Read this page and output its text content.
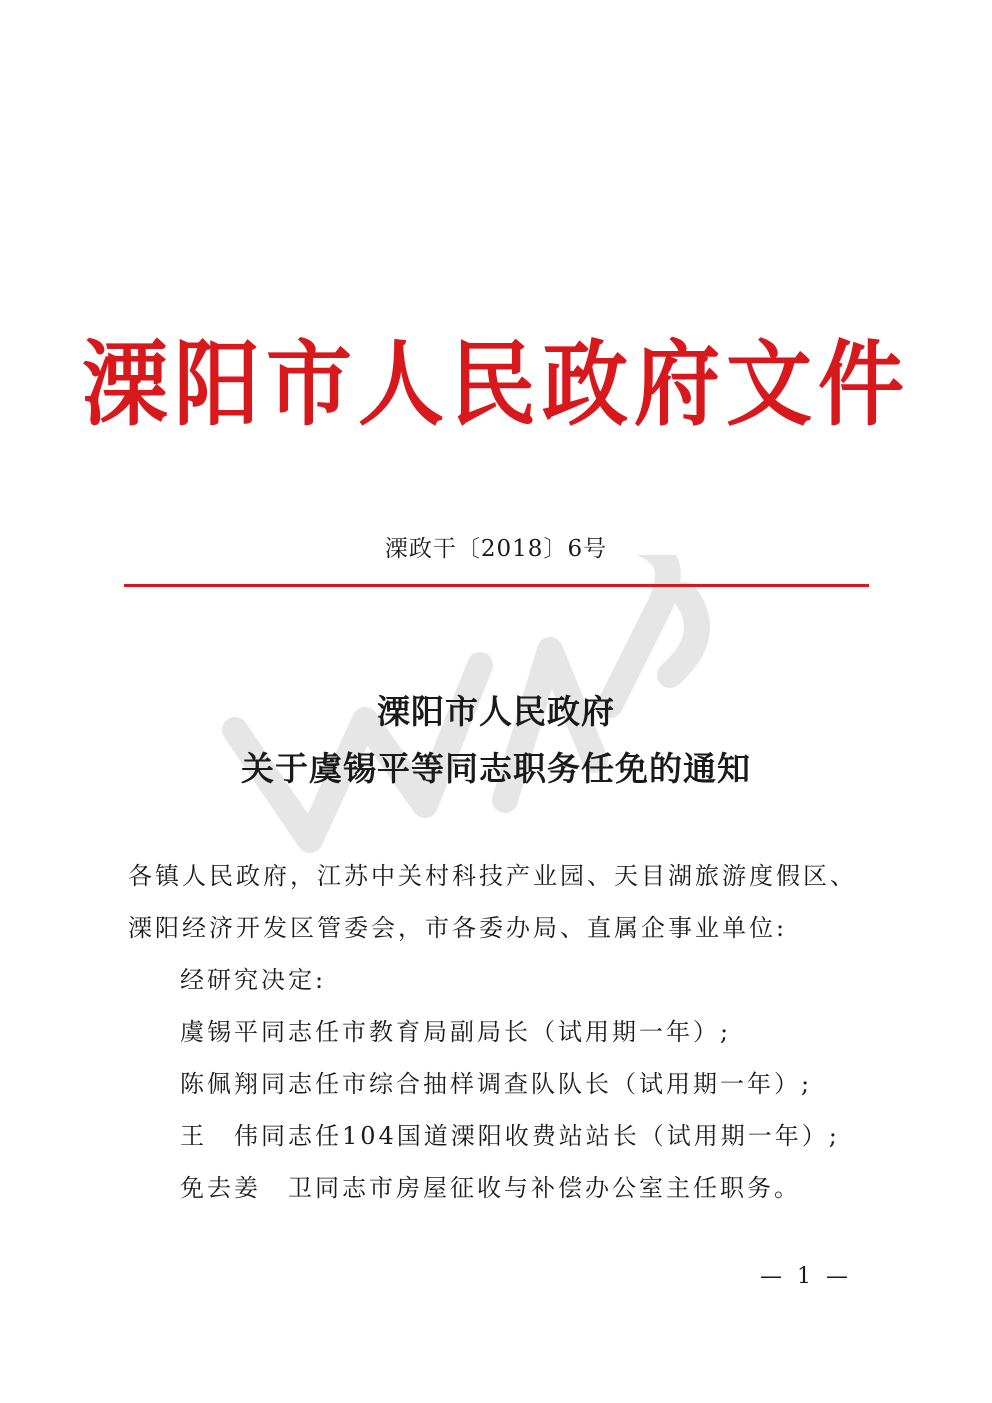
溧阳市人民政府文件
溧政干〔2018〕6号
溧阳市人民政府
关于虞锡平等同志职务任免的通知
各镇人民政府，江苏中关村科技产业园、天目湖旅游度假区、溧阳经济开发区管委会，市各委办局、直属企事业单位:
经研究决定:
虞锡平同志任市教育局副局长（试用期一年）;
陈佩翔同志任市综合抽样调查队队长（试用期一年）;
王　伟同志任104国道溧阳收费站站长（试用期一年）;
免去姜　卫同志市房屋征收与补偿办公室主任职务。
— 1 —
